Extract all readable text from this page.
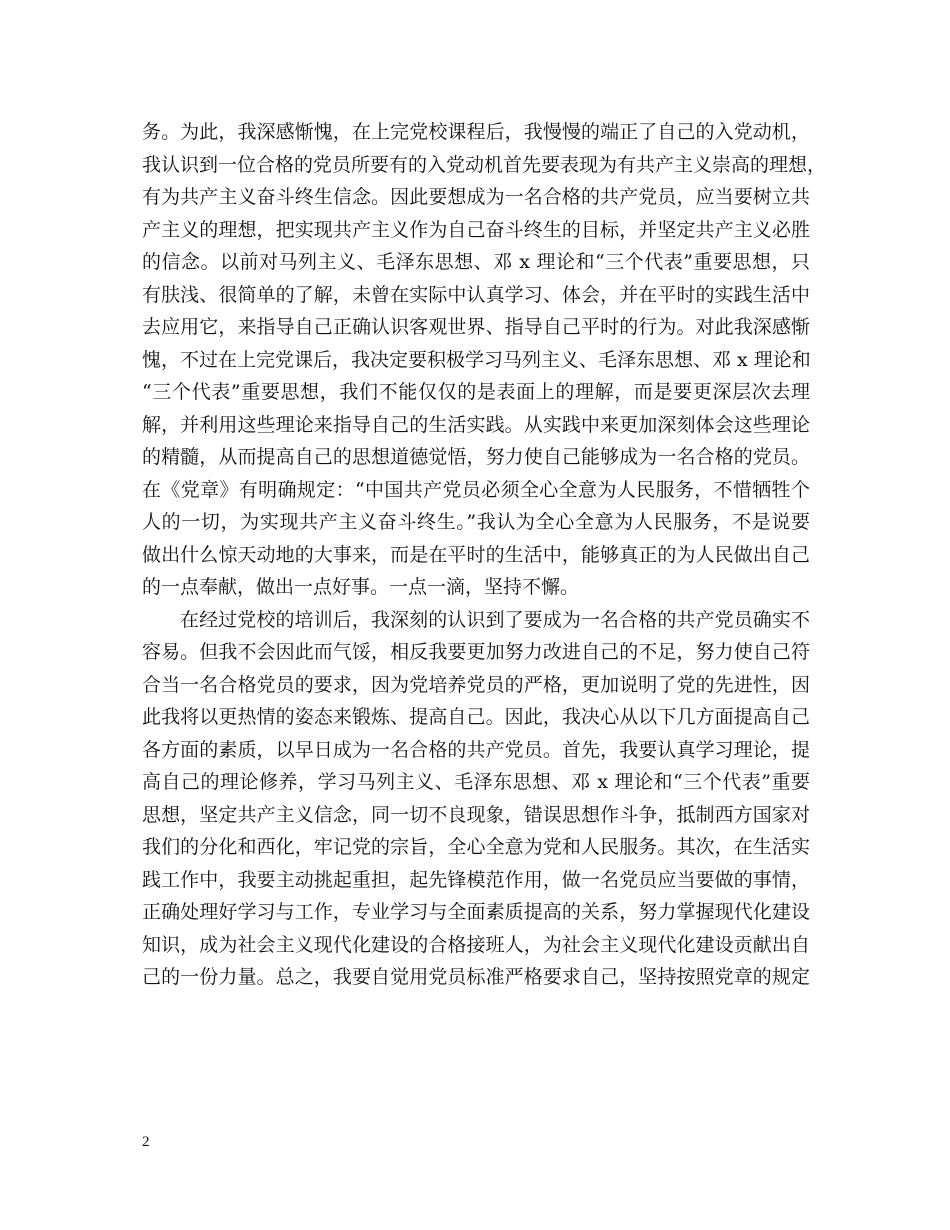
务。为此，我深感惭愧，在上完党校课程后，我慢慢的端正了自己的入党动机，
我认识到一位合格的党员所要有的入党动机首先要表现为有共产主义崇高的理想，
有为共产主义奋斗终生信念。因此要想成为一名合格的共产党员，应当要树立共
产主义的理想，把实现共产主义作为自己奋斗终生的目标，并坚定共产主义必胜
的信念。以前对马列主义、毛泽东思想、邓 x 理论和“三个代表”重要思想，只
有肤浅、很简单的了解，未曾在实际中认真学习、体会，并在平时的实践生活中
去应用它，来指导自己正确认识客观世界、指导自己平时的行为。对此我深感惭
愧，不过在上完党课后，我决定要积极学习马列主义、毛泽东思想、邓 x 理论和
“三个代表”重要思想，我们不能仅仅的是表面上的理解，而是要更深层次去理
解，并利用这些理论来指导自己的生活实践。从实践中来更加深刻体会这些理论
的精髓，从而提高自己的思想道德觉悟，努力使自己能够成为一名合格的党员。
在《党章》有明确规定：“中国共产党员必须全心全意为人民服务，不惜牺牲个
人的一切，为实现共产主义奋斗终生。”我认为全心全意为人民服务，不是说要
做出什么惊天动地的大事来，而是在平时的生活中，能够真正的为人民做出自己
的一点奉献，做出一点好事。一点一滴，坚持不懈。
在经过党校的培训后，我深刻的认识到了要成为一名合格的共产党员确实不
容易。但我不会因此而气馁，相反我要更加努力改进自己的不足，努力使自己符
合当一名合格党员的要求，因为党培养党员的严格，更加说明了党的先进性，因
此我将以更热情的姿态来锻炼、提高自己。因此，我决心从以下几方面提高自己
各方面的素质，以早日成为一名合格的共产党员。首先，我要认真学习理论，提
高自己的理论修养，学习马列主义、毛泽东思想、邓 x 理论和“三个代表”重要
思想，坚定共产主义信念，同一切不良现象，错误思想作斗争，抵制西方国家对
我们的分化和西化，牢记党的宗旨，全心全意为党和人民服务。其次，在生活实
践工作中，我要主动挑起重担，起先锋模范作用，做一名党员应当要做的事情，
正确处理好学习与工作，专业学习与全面素质提高的关系，努力掌握现代化建设
知识，成为社会主义现代化建设的合格接班人，为社会主义现代化建设贡献出自
己的一份力量。总之，我要自觉用党员标准严格要求自己，坚持按照党章的规定
2
